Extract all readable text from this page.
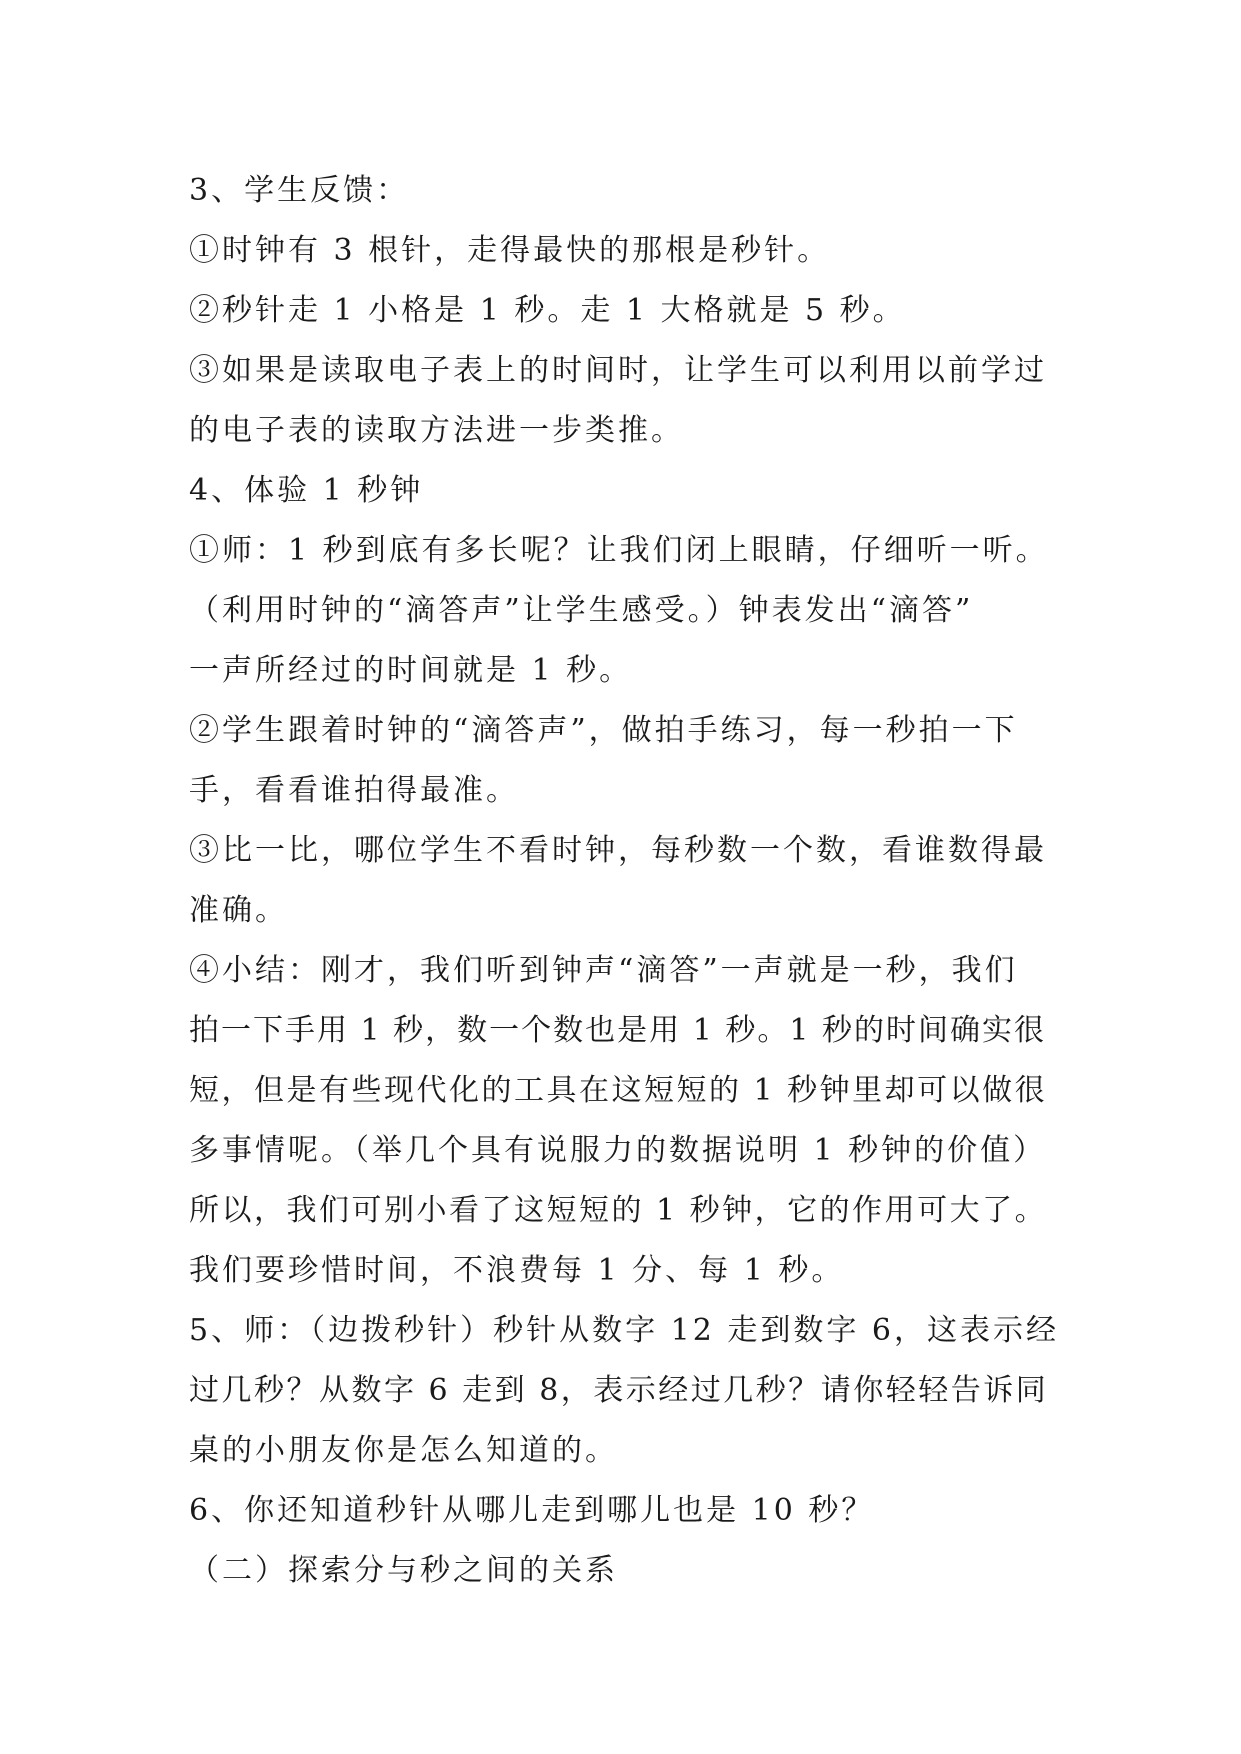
3、学生反馈：
①时钟有 3 根针，走得最快的那根是秒针。
②秒针走 1 小格是 1 秒。走 1 大格就是 5 秒。
③如果是读取电子表上的时间时，让学生可以利用以前学过
的电子表的读取方法进一步类推。
4、体验 1 秒钟
①师：1 秒到底有多长呢？让我们闭上眼睛，仔细听一听。
（利用时钟的“滴答声”让学生感受。）钟表发出“滴答”
一声所经过的时间就是 1 秒。
②学生跟着时钟的“滴答声”，做拍手练习，每一秒拍一下
手，看看谁拍得最准。
③比一比，哪位学生不看时钟，每秒数一个数，看谁数得最
准确。
④小结：刚才，我们听到钟声“滴答”一声就是一秒，我们
拍一下手用 1 秒，数一个数也是用 1 秒。1 秒的时间确实很
短，但是有些现代化的工具在这短短的 1 秒钟里却可以做很
多事情呢。（举几个具有说服力的数据说明 1 秒钟的价值）
所以，我们可别小看了这短短的 1 秒钟，它的作用可大了。
我们要珍惜时间，不浪费每 1 分、每 1 秒。
5、师：（边拨秒针）秒针从数字 12 走到数字 6，这表示经
过几秒？从数字 6 走到 8，表示经过几秒？请你轻轻告诉同
桌的小朋友你是怎么知道的。
6、你还知道秒针从哪儿走到哪儿也是 10 秒？
（二）探索分与秒之间的关系
